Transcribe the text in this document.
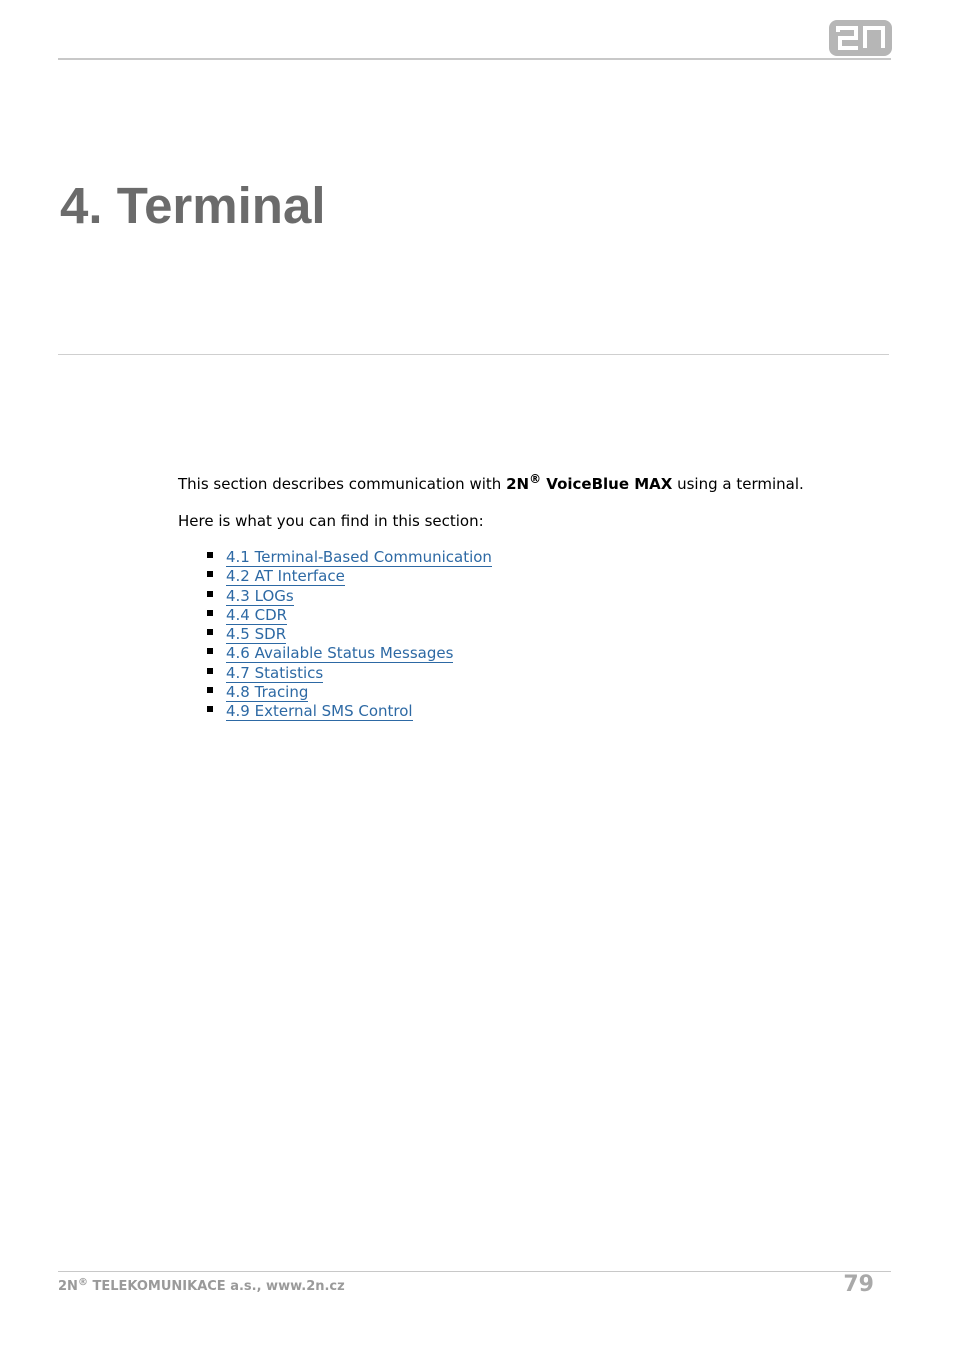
4. Terminal

This section describes communication with 2N® VoiceBlue MAX using a terminal.

Here is what you can find in this section:

4.1 Terminal-Based Communication
4.2 AT Interface
4.3 LOGs
4.4 CDR
4.5 SDR
4.6 Available Status Messages
4.7 Statistics
4.8 Tracing
4.9 External SMS Control
2N® TELEKOMUNIKACE a.s., www.2n.cz	79
